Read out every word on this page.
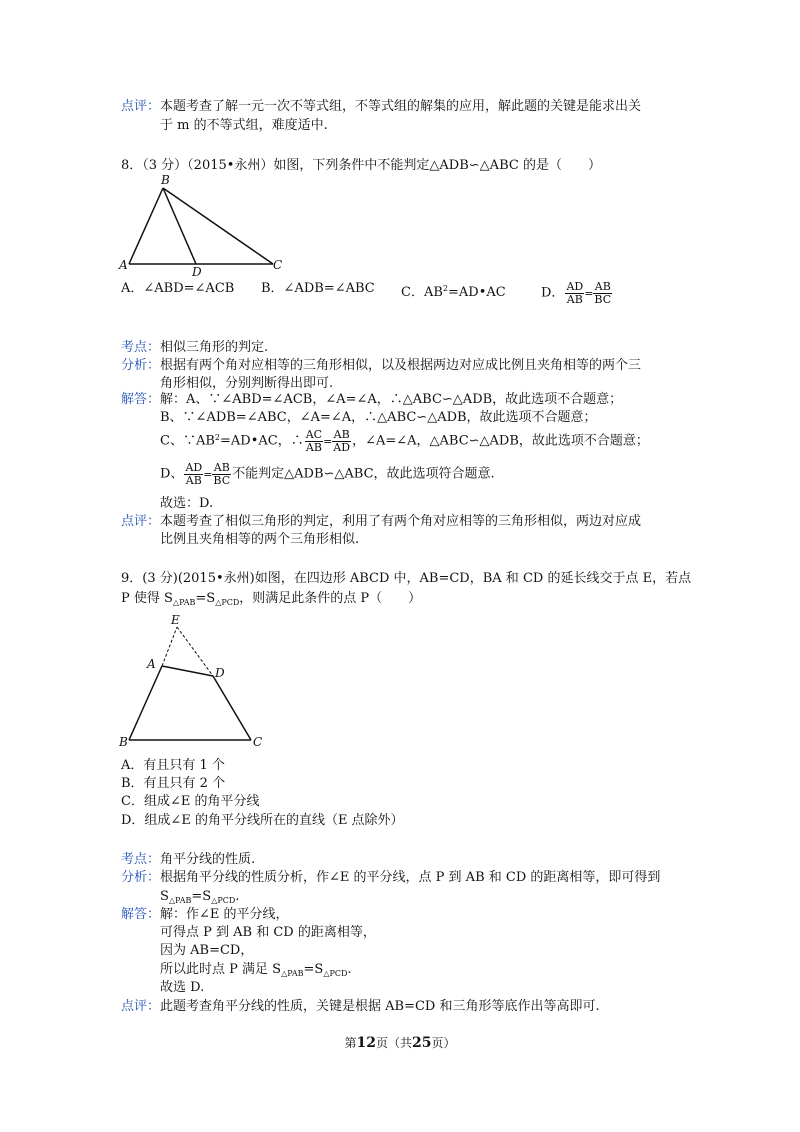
点评：本题考查了解一元一次不等式组，不等式组的解集的应用，解此题的关键是能求出关
于 m 的不等式组，难度适中.
8．（3 分）（2015•永州）如图，下列条件中不能判定△ADB∽△ABC 的是（　　）
B
A	D	C
A．∠ABD=∠ACB B．∠ADB=∠ABC C．$AB^2=AD•AC$	D． $\frac{AD}{AB} = \frac{AB}{BC}$
考点：相似三角形的判定.
分析：根据有两个角对应相等的三角形相似，以及根据两边对应成比例且夹角相等的两个三
角形相似，分别判断得出即可.
解答：解：A、∵∠ABD=∠ACB，∠A=∠A，∴△ABC∽△ADB，故此选项不合题意；
B、∵∠ADB=∠ABC，∠A=∠A，∴△ABC∽△ADB，故此选项不合题意；
C、$\because AB^2=AD•AC$，∴ $\frac{AC}{AB} = \frac{AB}{AD}$ ，∠A=∠A，△ABC∽△ADB，故此选项不合题意；
D、 $\frac{AD}{AB} = \frac{AB}{BC}$ 不能判定△ADB∽△ABC，故此选项符合题意.
故选：D.
点评：本题考查了相似三角形的判定，利用了有两个角对应相等的三角形相似，两边对应成
比例且夹角相等的两个三角形相似.
9．(3 分)(2015•永州)如图，在四边形 ABCD 中，AB=CD，BA 和 CD 的延长线交于点 E，若点
P 使得 $S_{\triangle PAB}=S_{\triangle PCD}$，则满足此条件的点 P（　　）
E
A
D
B	C
A．有且只有 1 个
B．有且只有 2 个
C．组成∠E 的角平分线
D．组成∠E 的角平分线所在的直线（E 点除外）
考点：角平分线的性质.
分析：根据角平分线的性质分析，作∠E 的平分线，点 P 到 AB 和 CD 的距离相等，即可得到
$S_{\triangle PAB}=S_{\triangle PCD}$.
解答：解：作∠E 的平分线，
可得点 P 到 AB 和 CD 的距离相等，
因为 AB=CD，
所以此时点 P 满足 $S_{\triangle PAB}=S_{\triangle PCD}$.
故选 D.
点评：此题考查角平分线的性质，关键是根据 AB=CD 和三角形等底作出等高即可.
第12页（共25页）
